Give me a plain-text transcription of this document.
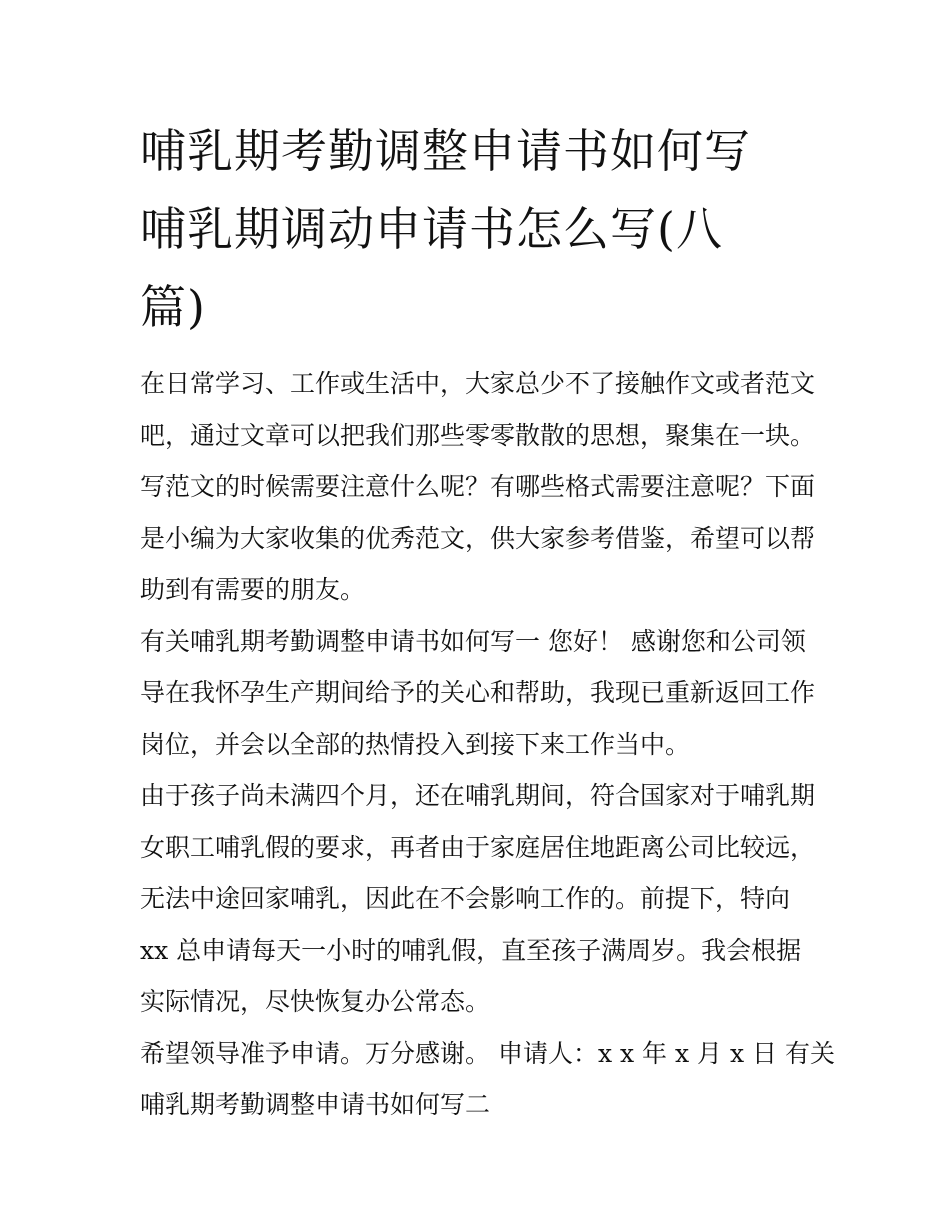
哺乳期考勤调整申请书如何写
哺乳期调动申请书怎么写(八
篇)

在日常学习、工作或生活中，大家总少不了接触作文或者范文
吧，通过文章可以把我们那些零零散散的思想，聚集在一块。
写范文的时候需要注意什么呢？有哪些格式需要注意呢？下面
是小编为大家收集的优秀范文，供大家参考借鉴，希望可以帮
助到有需要的朋友。

有关哺乳期考勤调整申请书如何写一 您好！ 感谢您和公司领
导在我怀孕生产期间给予的关心和帮助，我现已重新返回工作
岗位，并会以全部的热情投入到接下来工作当中。

由于孩子尚未满四个月，还在哺乳期间，符合国家对于哺乳期
女职工哺乳假的要求，再者由于家庭居住地距离公司比较远，
无法中途回家哺乳，因此在不会影响工作的。前提下，特向
xx 总申请每天一小时的哺乳假，直至孩子满周岁。我会根据
实际情况，尽快恢复办公常态。

希望领导准予申请。万分感谢。 申请人：x x 年 x 月 x 日 有关
哺乳期考勤调整申请书如何写二
